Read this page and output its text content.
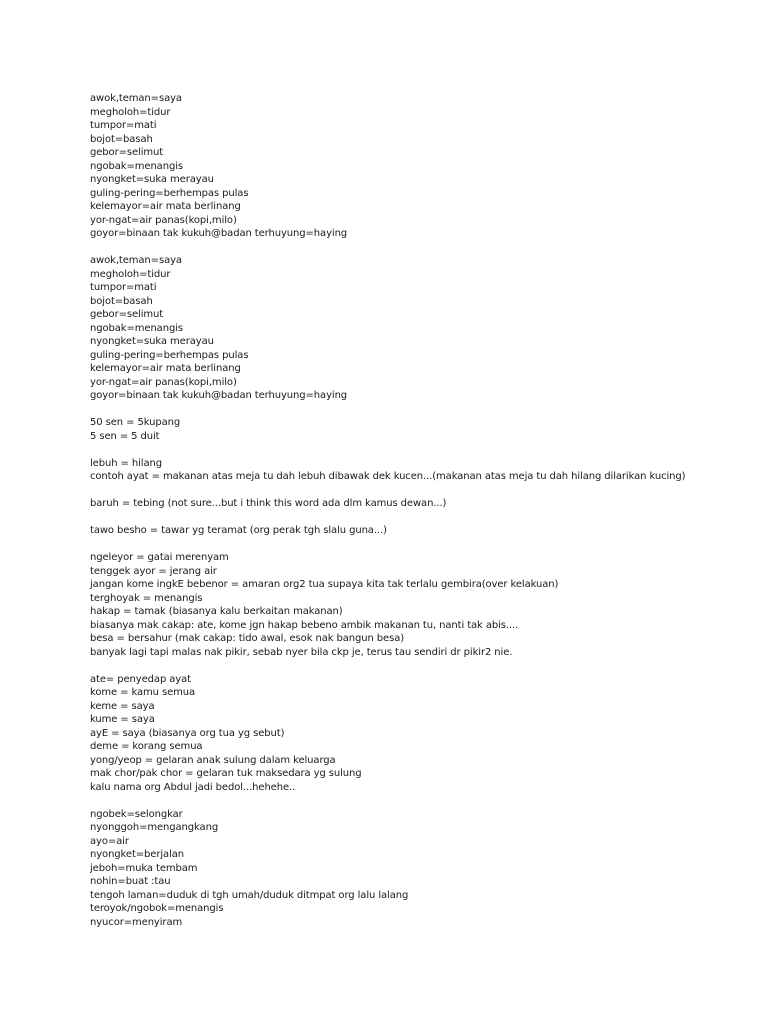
awok,teman=saya
megholoh=tidur
tumpor=mati
bojot=basah
gebor=selimut
ngobak=menangis
nyongket=suka merayau
guling-pering=berhempas pulas
kelemayor=air mata berlinang
yor-ngat=air panas(kopi,milo)
goyor=binaan tak kukuh@badan terhuyung=haying
awok,teman=saya
megholoh=tidur
tumpor=mati
bojot=basah
gebor=selimut
ngobak=menangis
nyongket=suka merayau
guling-pering=berhempas pulas
kelemayor=air mata berlinang
yor-ngat=air panas(kopi,milo)
goyor=binaan tak kukuh@badan terhuyung=haying
50 sen = 5kupang
5 sen = 5 duit
lebuh = hilang
contoh ayat = makanan atas meja tu dah lebuh dibawak dek kucen...(makanan atas meja tu dah hilang dilarikan kucing)
baruh = tebing (not sure...but i think this word ada dlm kamus dewan...)
tawo besho = tawar yg teramat (org perak tgh slalu guna...)
ngeleyor = gatai merenyam
tenggek ayor = jerang air
jangan kome ingkE bebenor = amaran org2 tua supaya kita tak terlalu gembira(over kelakuan)
terghoyak = menangis
hakap = tamak (biasanya kalu berkaitan makanan)
biasanya mak cakap: ate, kome jgn hakap bebeno ambik makanan tu, nanti tak abis....
besa = bersahur (mak cakap: tido awal, esok nak bangun besa)
banyak lagi tapi malas nak pikir, sebab nyer bila ckp je, terus tau sendiri dr pikir2 nie.
ate= penyedap ayat
kome = kamu semua
keme = saya
kume = saya
ayE = saya (biasanya org tua yg sebut)
deme = korang semua
yong/yeop = gelaran anak sulung dalam keluarga
mak chor/pak chor = gelaran tuk maksedara yg sulung
kalu nama org Abdul jadi bedol...hehehe..
ngobek=selongkar
nyonggoh=mengangkang
ayo=air
nyongket=berjalan
jeboh=muka tembam
nohin=buat :tau
tengoh laman=duduk di tgh umah/duduk ditmpat org lalu lalang
teroyok/ngobok=menangis
nyucor=menyiram
